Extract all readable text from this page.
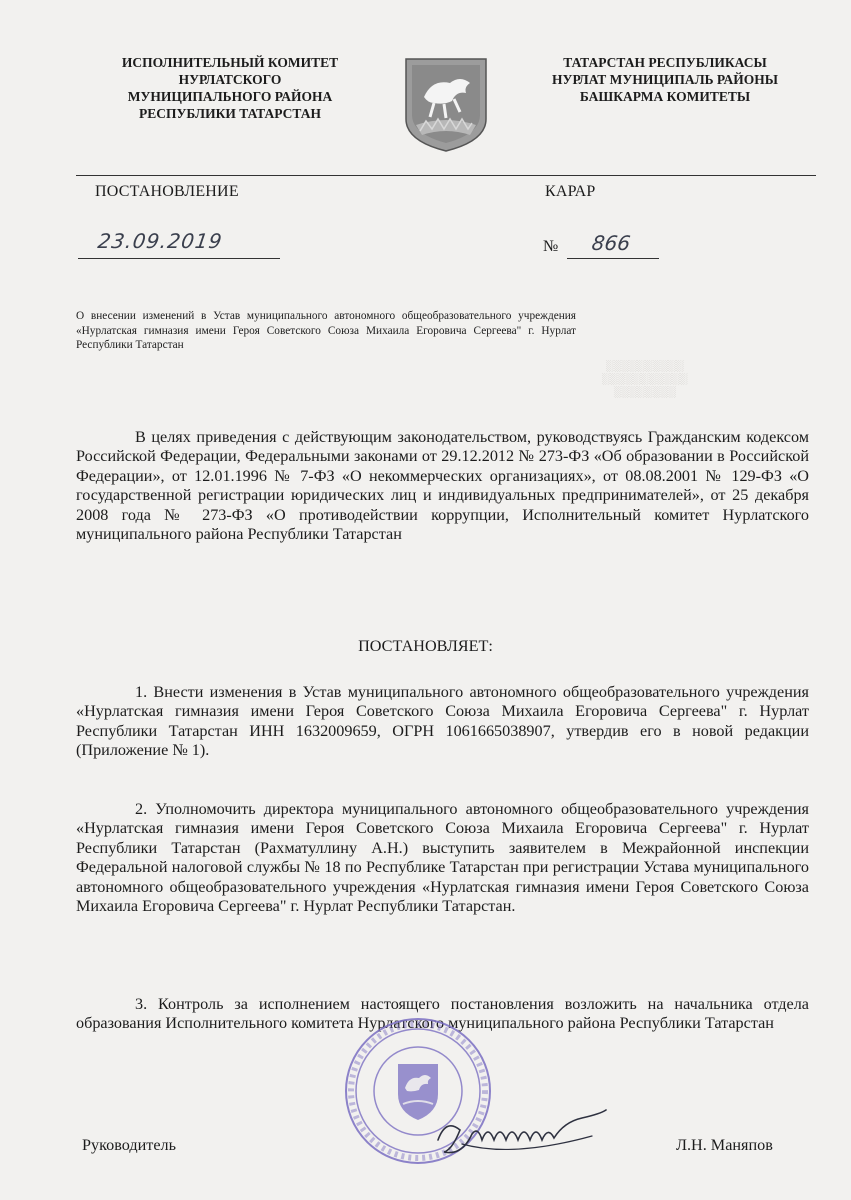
ИСПОЛНИТЕЛЬНЫЙ КОМИТЕТ
НУРЛАТСКОГО
МУНИЦИПАЛЬНОГО РАЙОНА
РЕСПУБЛИКИ ТАТАРСТАН
ТАТАРСТАН РЕСПУБЛИКАСЫ
НУРЛАТ МУНИЦИПАЛЬ РАЙОНЫ
БАШКАРМА КОМИТЕТЫ
ПОСТАНОВЛЕНИЕ	КАРАР
23.09.2019	№ 866
О внесении изменений в Устав муниципального автономного общеобразовательного учреждения «Нурлатская гимназия имени Героя Советского Союза Михаила Егоровича Сергеева" г. Нурлат Республики Татарстан
░░░░░░░░░░
░░░░░░░░░░░
░░░░░░░░
В целях приведения с действующим законодательством, руководствуясь Гражданским кодексом Российской Федерации, Федеральными законами от 29.12.2012 № 273-ФЗ «Об образовании в Российской Федерации», от 12.01.1996 № 7-ФЗ «О некоммерческих организациях», от 08.08.2001 № 129-ФЗ «О государственной регистрации юридических лиц и индивидуальных предпринимателей», от 25 декабря 2008 года № 273-ФЗ «О противодействии коррупции, Исполнительный комитет Нурлатского муниципального района Республики Татарстан
ПОСТАНОВЛЯЕТ:
1. Внести изменения в Устав муниципального автономного общеобразовательного учреждения «Нурлатская гимназия имени Героя Советского Союза Михаила Егоровича Сергеева" г. Нурлат Республики Татарстан ИНН 1632009659, ОГРН 1061665038907, утвердив его в новой редакции (Приложение № 1).
2. Уполномочить директора муниципального автономного общеобразовательного учреждения «Нурлатская гимназия имени Героя Советского Союза Михаила Егоровича Сергеева" г. Нурлат Республики Татарстан (Рахматуллину А.Н.) выступить заявителем в Межрайонной инспекции Федеральной налоговой службы № 18 по Республике Татарстан при регистрации Устава муниципального автономного общеобразовательного учреждения «Нурлатская гимназия имени Героя Советского Союза Михаила Егоровича Сергеева" г. Нурлат Республики Татарстан.
3. Контроль за исполнением настоящего постановления возложить на начальника отдела образования Исполнительного комитета Нурлатского муниципального района Республики Татарстан
Руководитель	Л.Н. Маняпов
